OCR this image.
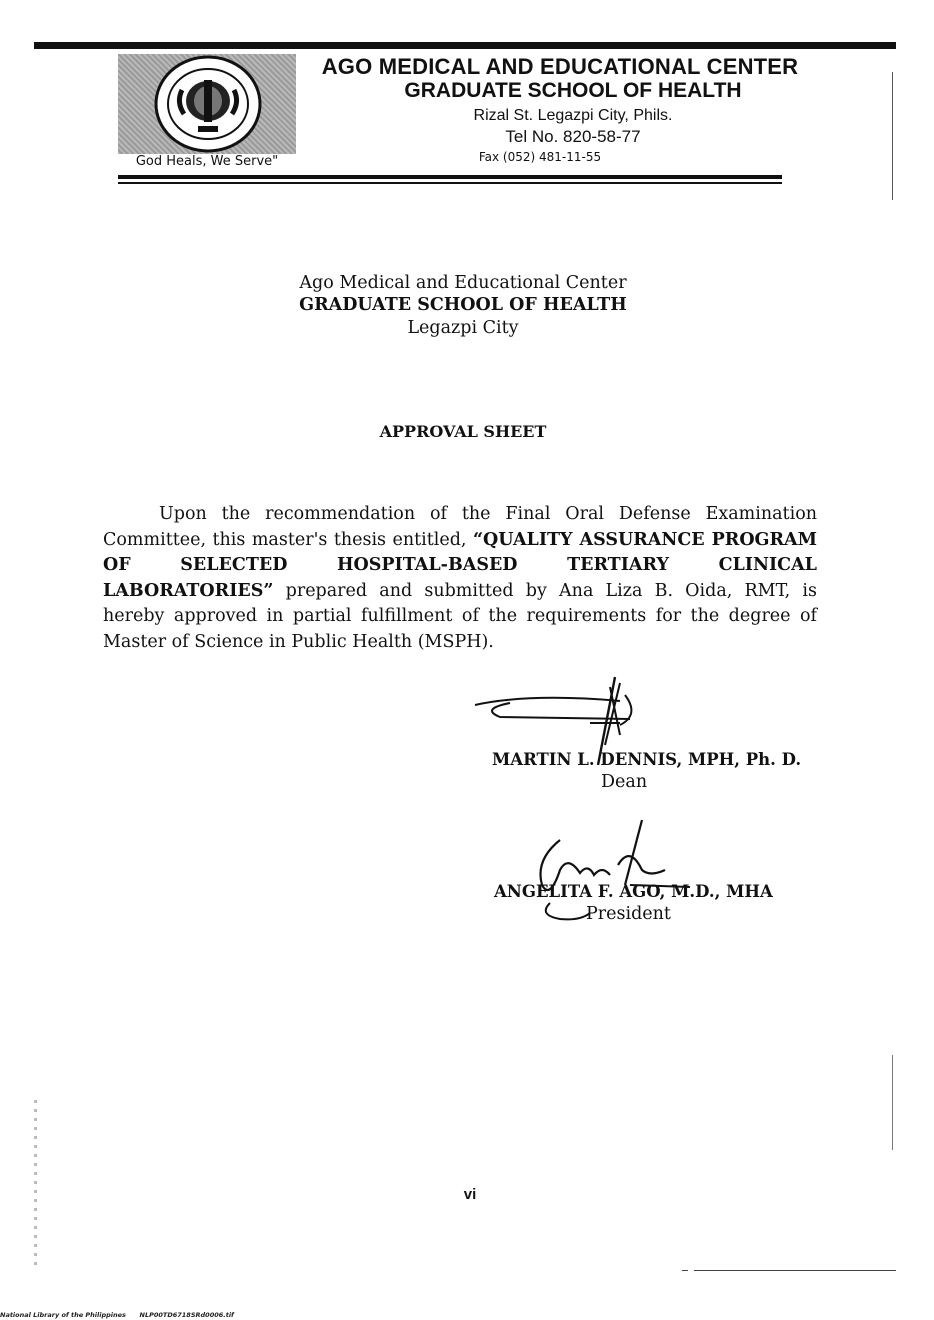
God Heals, We Serve"
AGO MEDICAL AND EDUCATIONAL CENTER
GRADUATE SCHOOL OF HEALTH
Rizal St. Legazpi City, Phils.
Tel No. 820-58-77
Fax (052) 481-11-55
Ago Medical and Educational Center
GRADUATE SCHOOL OF HEALTH
Legazpi City
APPROVAL SHEET
Upon the recommendation of the Final Oral Defense Examination Committee, this master's thesis entitled, “QUALITY ASSURANCE PROGRAM OF SELECTED HOSPITAL-BASED TERTIARY CLINICAL LABORATORIES” prepared and submitted by Ana Liza B. Oida, RMT, is hereby approved in partial fulfillment of the requirements for the degree of Master of Science in Public Health (MSPH).
MARTIN L. DENNIS, MPH, Ph. D.
Dean
ANGELITA F. AGO, M.D., MHA
President
vi
National Library of the Philippines NLP00TD6718SRd0006.tif
